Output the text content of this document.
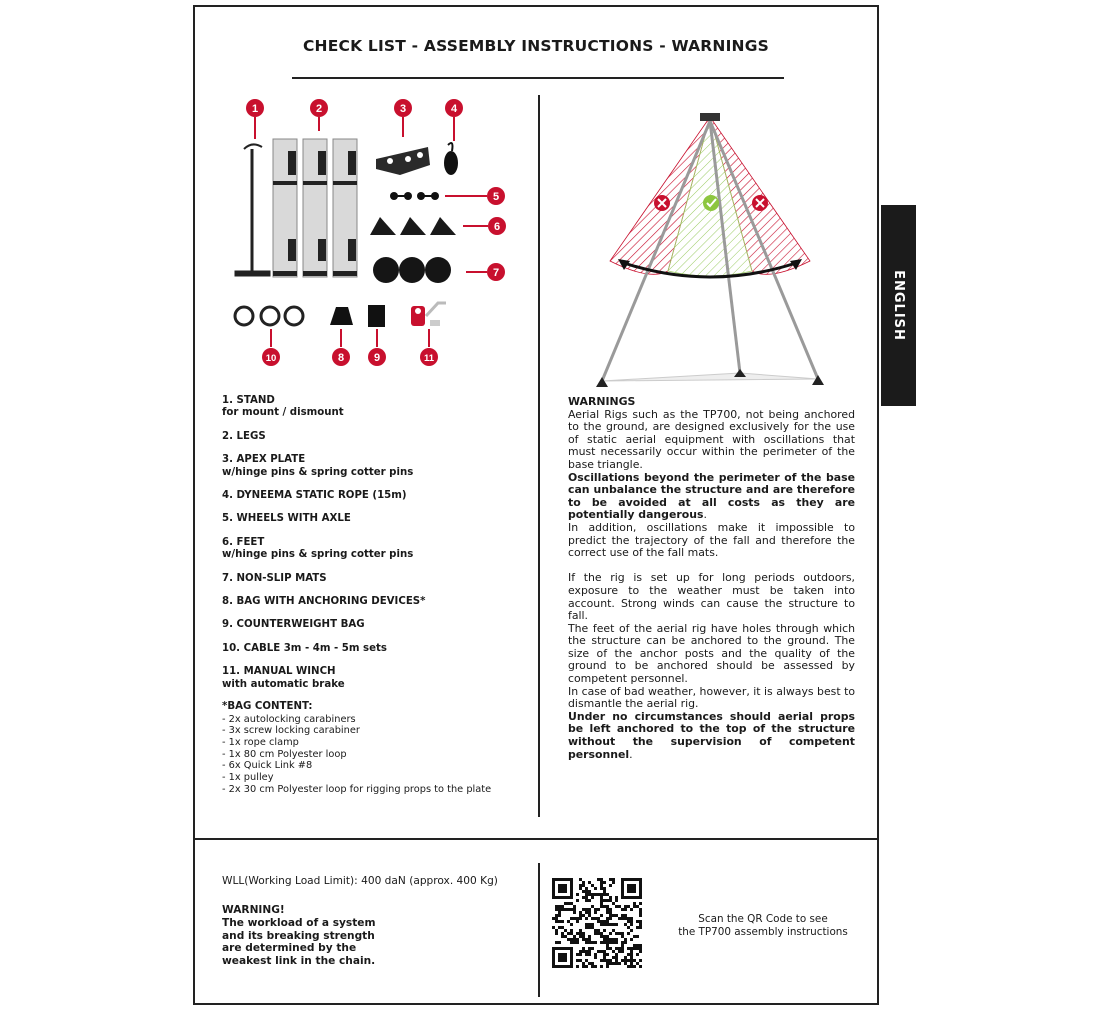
CHECK LIST - ASSEMBLY INSTRUCTIONS - WARNINGS
1	2	3	4
5
6
7
10	8	9	11
1. STAND
for mount / dismount
2. LEGS
3. APEX PLATE
w/hinge pins & spring cotter pins
4. DYNEEMA STATIC ROPE (15m)
5. WHEELS WITH AXLE
6. FEET
w/hinge pins & spring cotter pins
7. NON-SLIP MATS
8. BAG WITH ANCHORING DEVICES*
9. COUNTERWEIGHT BAG
10. CABLE 3m - 4m - 5m sets
11. MANUAL WINCH
with automatic brake
*BAG CONTENT:
- 2x autolocking carabiners
- 3x screw locking carabiner
- 1x rope clamp
- 1x 80 cm Polyester loop
- 6x Quick Link #8
- 1x pulley
- 2x 30 cm Polyester loop for rigging props to the plate

WARNINGS

Aerial Rigs such as the TP700, not being anchored to the ground, are designed exclusively for the use of static aerial equipment with oscillations that must necessarily occur within the perimeter of the base triangle.

Oscillations beyond the perimeter of the base can unbalance the structure and are therefore to be avoided at all costs as they are potentially dangerous.

In addition, oscillations make it impossible to predict the trajectory of the fall and therefore the correct use of the fall mats.

If the rig is set up for long periods outdoors, exposure to the weather must be taken into account. Strong winds can cause the structure to fall.

The feet of the aerial rig have holes through which the structure can be anchored to the ground. The size of the anchor posts and the quality of the ground to be anchored should be assessed by competent personnel.

In case of bad weather, however, it is always best to dismantle the aerial rig.

Under no circumstances should aerial props be left anchored to the top of the structure without the supervision of competent personnel.

WLL(Working Load Limit): 400 daN (approx. 400 Kg)
WARNING!
The workload of a system
and its breaking strength
are determined by the
weakest link in the chain.
Scan the QR Code to see
the TP700 assembly instructions
ENGLISH
